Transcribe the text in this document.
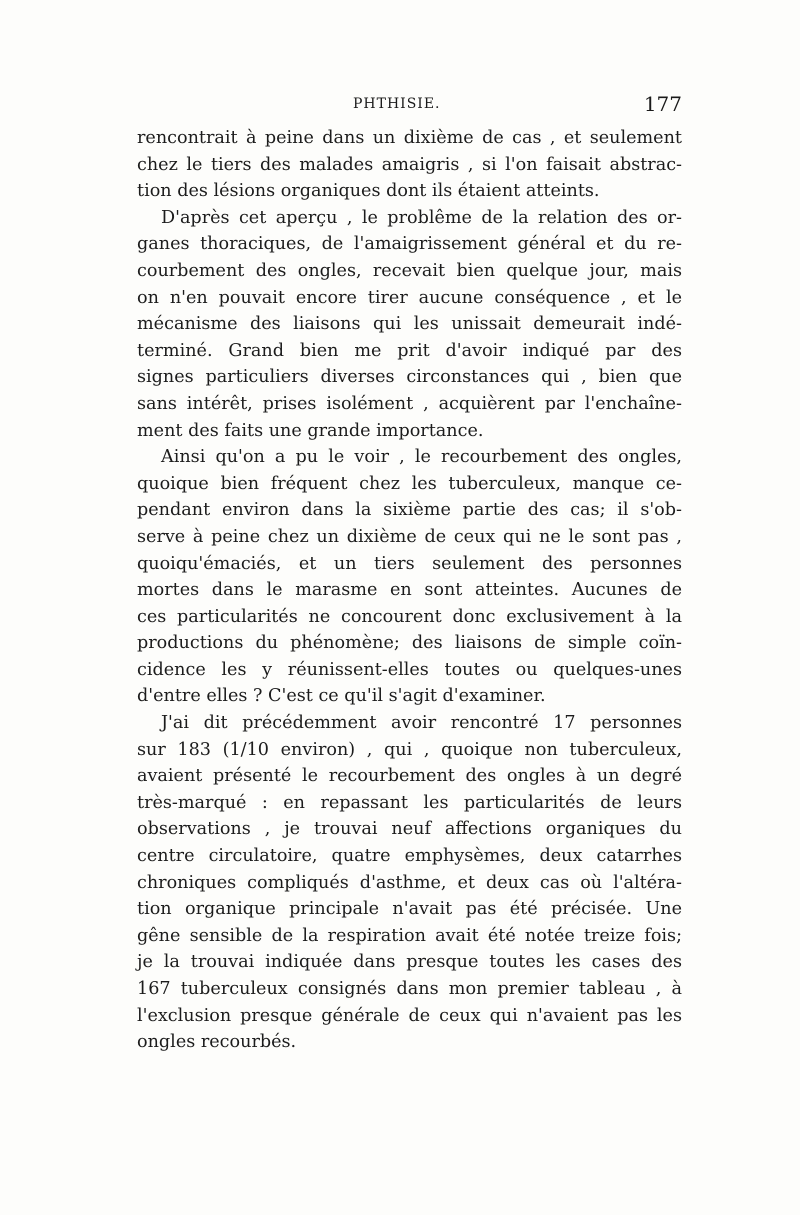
PHTHISIE.	177
rencontrait à peine dans un dixième de cas , et seulement
chez le tiers des malades amaigris , si l'on faisait abstrac-
tion des lésions organiques dont ils étaient atteints.
D'après cet aperçu , le problême de la relation des or-
ganes thoraciques, de l'amaigrissement général et du re-
courbement des ongles, recevait bien quelque jour, mais
on n'en pouvait encore tirer aucune conséquence , et le
mécanisme des liaisons qui les unissait demeurait indé-
terminé. Grand bien me prit d'avoir indiqué par des
signes particuliers diverses circonstances qui , bien que
sans intérêt, prises isolément , acquièrent par l'enchaîne-
ment des faits une grande importance.
Ainsi qu'on a pu le voir , le recourbement des ongles,
quoique bien fréquent chez les tuberculeux, manque ce-
pendant environ dans la sixième partie des cas; il s'ob-
serve à peine chez un dixième de ceux qui ne le sont pas ,
quoiqu'émaciés, et un tiers seulement des personnes
mortes dans le marasme en sont atteintes. Aucunes de
ces particularités ne concourent donc exclusivement à la
productions du phénomène; des liaisons de simple coïn-
cidence les y réunissent-elles toutes ou quelques-unes
d'entre elles ? C'est ce qu'il s'agit d'examiner.
J'ai dit précédemment avoir rencontré 17 personnes
sur 183 (1/10 environ) , qui , quoique non tuberculeux,
avaient présenté le recourbement des ongles à un degré
très-marqué : en repassant les particularités de leurs
observations , je trouvai neuf affections organiques du
centre circulatoire, quatre emphysèmes, deux catarrhes
chroniques compliqués d'asthme, et deux cas où l'altéra-
tion organique principale n'avait pas été précisée. Une
gêne sensible de la respiration avait été notée treize fois;
je la trouvai indiquée dans presque toutes les cases des
167 tuberculeux consignés dans mon premier tableau , à
l'exclusion presque générale de ceux qui n'avaient pas les
ongles recourbés.
